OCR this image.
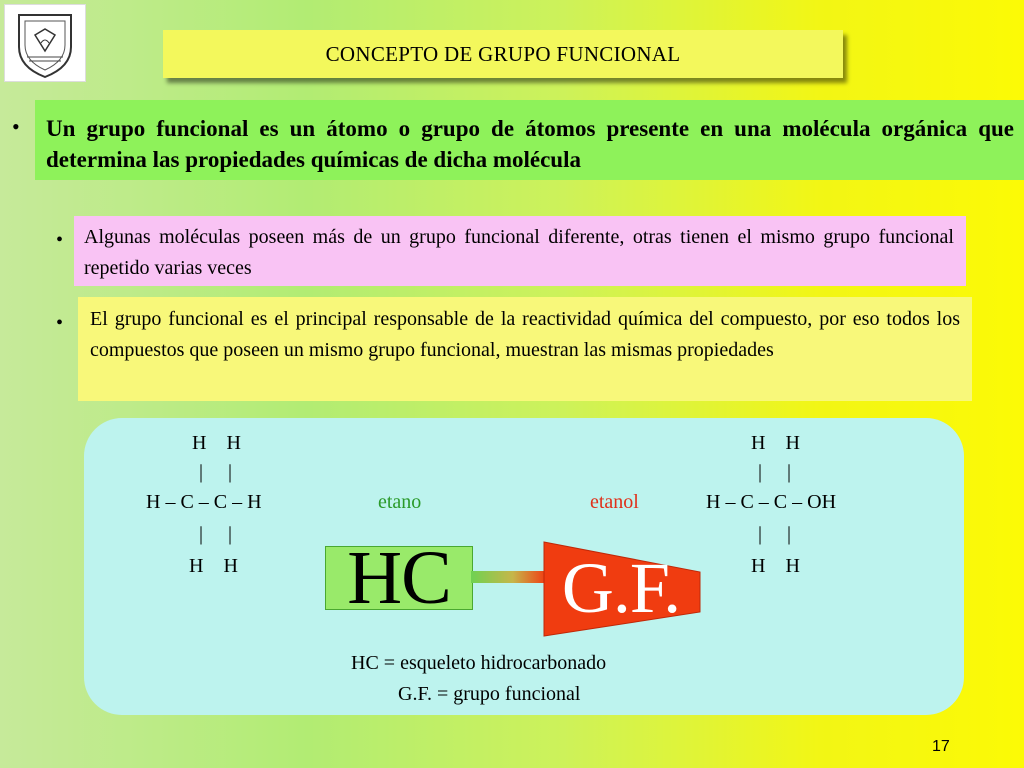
CONCEPTO DE GRUPO FUNCIONAL
•	Un grupo funcional es un átomo o grupo de átomos presente en una molécula orgánica que determina las propiedades químicas de dicha molécula
• Algunas moléculas poseen más de un grupo funcional diferente, otras tienen el mismo grupo funcional repetido varias veces
• El grupo funcional es el principal responsable de la reactividad química del compuesto, por eso todos los compuestos que poseen un mismo grupo funcional, muestran las mismas propiedades
H    H
|     |
H – C – C – H
|     |
H    H
etano	etanol
H    H
|     |
H – C – C – OH
|     |
H    H
HC G.F.
HC = esqueleto hidrocarbonado
G.F. = grupo funcional
17
